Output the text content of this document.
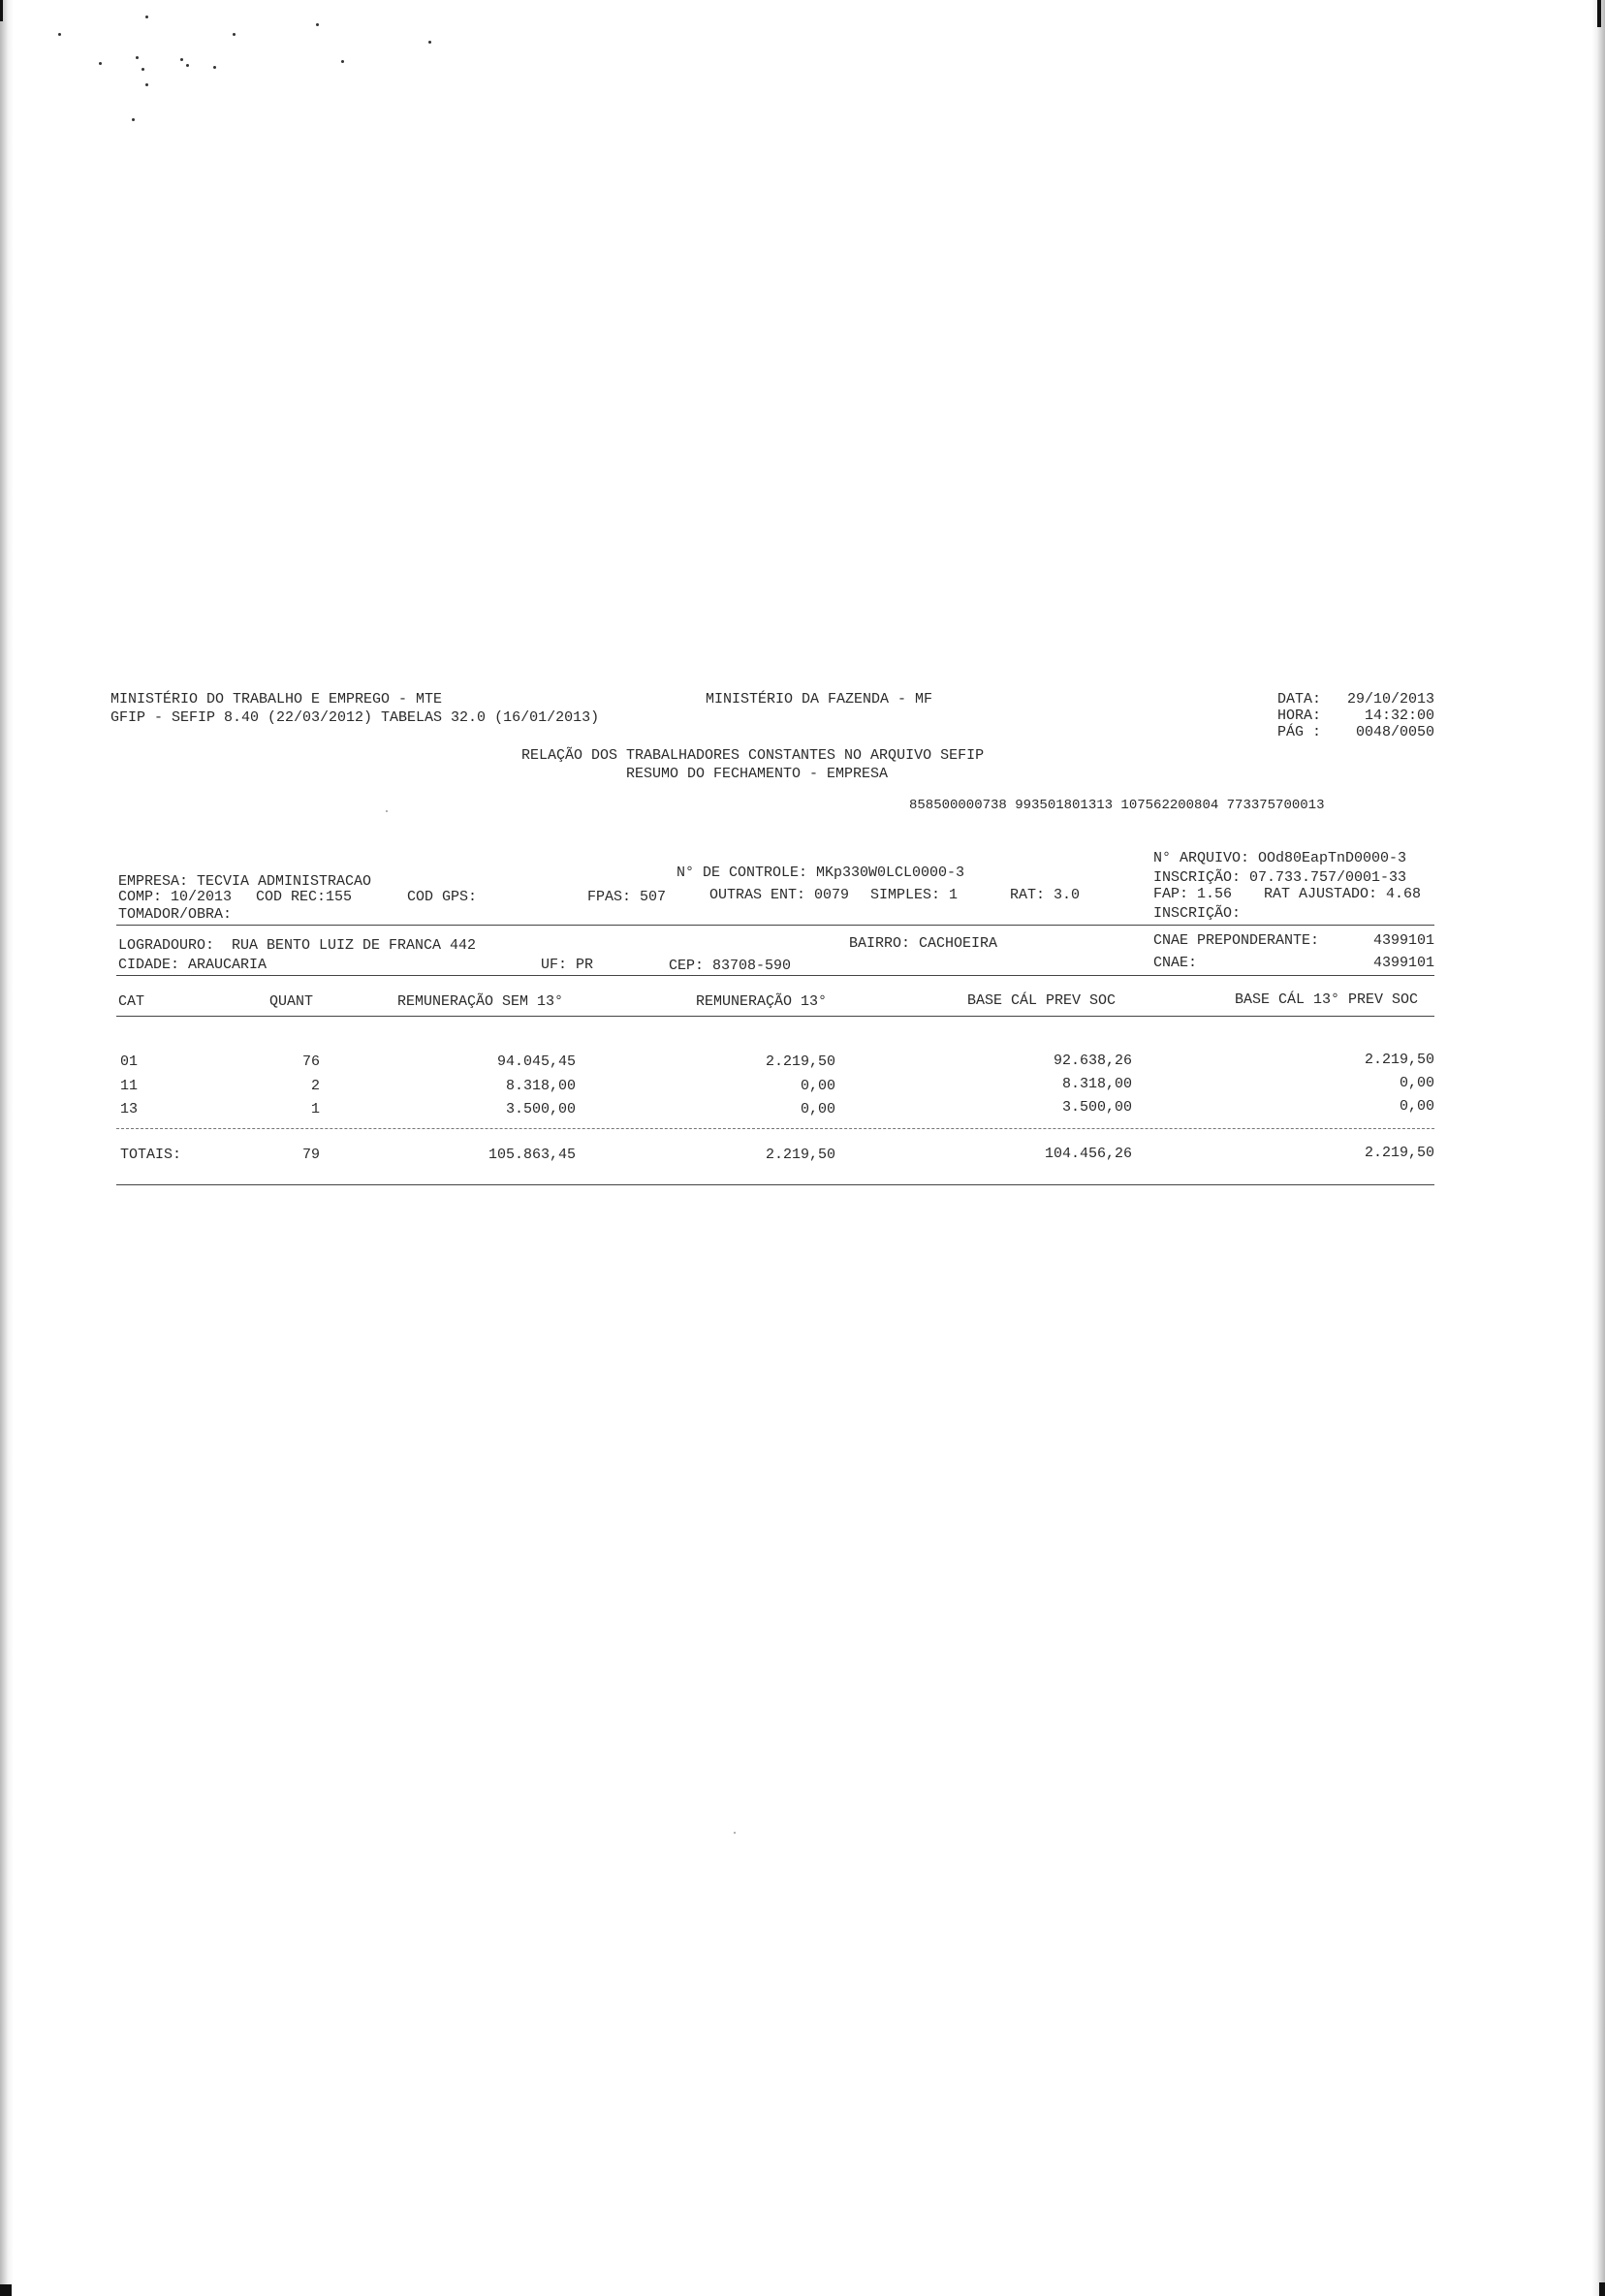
MINISTÉRIO DO TRABALHO E EMPREGO - MTE
GFIP - SEFIP 8.40 (22/03/2012) TABELAS 32.0 (16/01/2013)
MINISTÉRIO DA FAZENDA - MF	DATA: 29/10/2013
HORA:	14:32:00
PÁG : 0048/0050
RELAÇÃO DOS TRABALHADORES CONSTANTES NO ARQUIVO SEFIP
RESUMO DO FECHAMENTO - EMPRESA
858500000738 993501801313 107562200804 773375700013
N° ARQUIVO: OOd80EapTnD0000-3
EMPRESA: TECVIA ADMINISTRACAO
N° DE CONTROLE: MKp330W0LCL0000-3	INSCRIÇÃO: 07.733.757/0001-33
COMP: 10/2013 COD REC:155	COD GPS:	FPAS: 507	OUTRAS ENT: 0079 SIMPLES: 1	RAT: 3.0	FAP: 1.56 RAT AJUSTADO: 4.68
TOMADOR/OBRA:	INSCRIÇÃO:
LOGRADOURO:  RUA BENTO LUIZ DE FRANCA 442	BAIRRO: CACHOEIRA	CNAE PREPONDERANTE:	4399101
CIDADE: ARAUCARIA	UF: PR	CEP: 83708-590	CNAE:	4399101
CAT	QUANT	REMUNERAÇÃO SEM 13°	REMUNERAÇÃO 13°	BASE CÁL PREV SOC	BASE CÁL 13° PREV SOC
01	76	94.045,45	2.219,50	92.638,26	2.219,50
11	2	8.318,00	0,00	8.318,00	0,00
13	1	3.500,00	0,00	3.500,00	0,00
TOTAIS:	79	105.863,45	2.219,50	104.456,26	2.219,50
